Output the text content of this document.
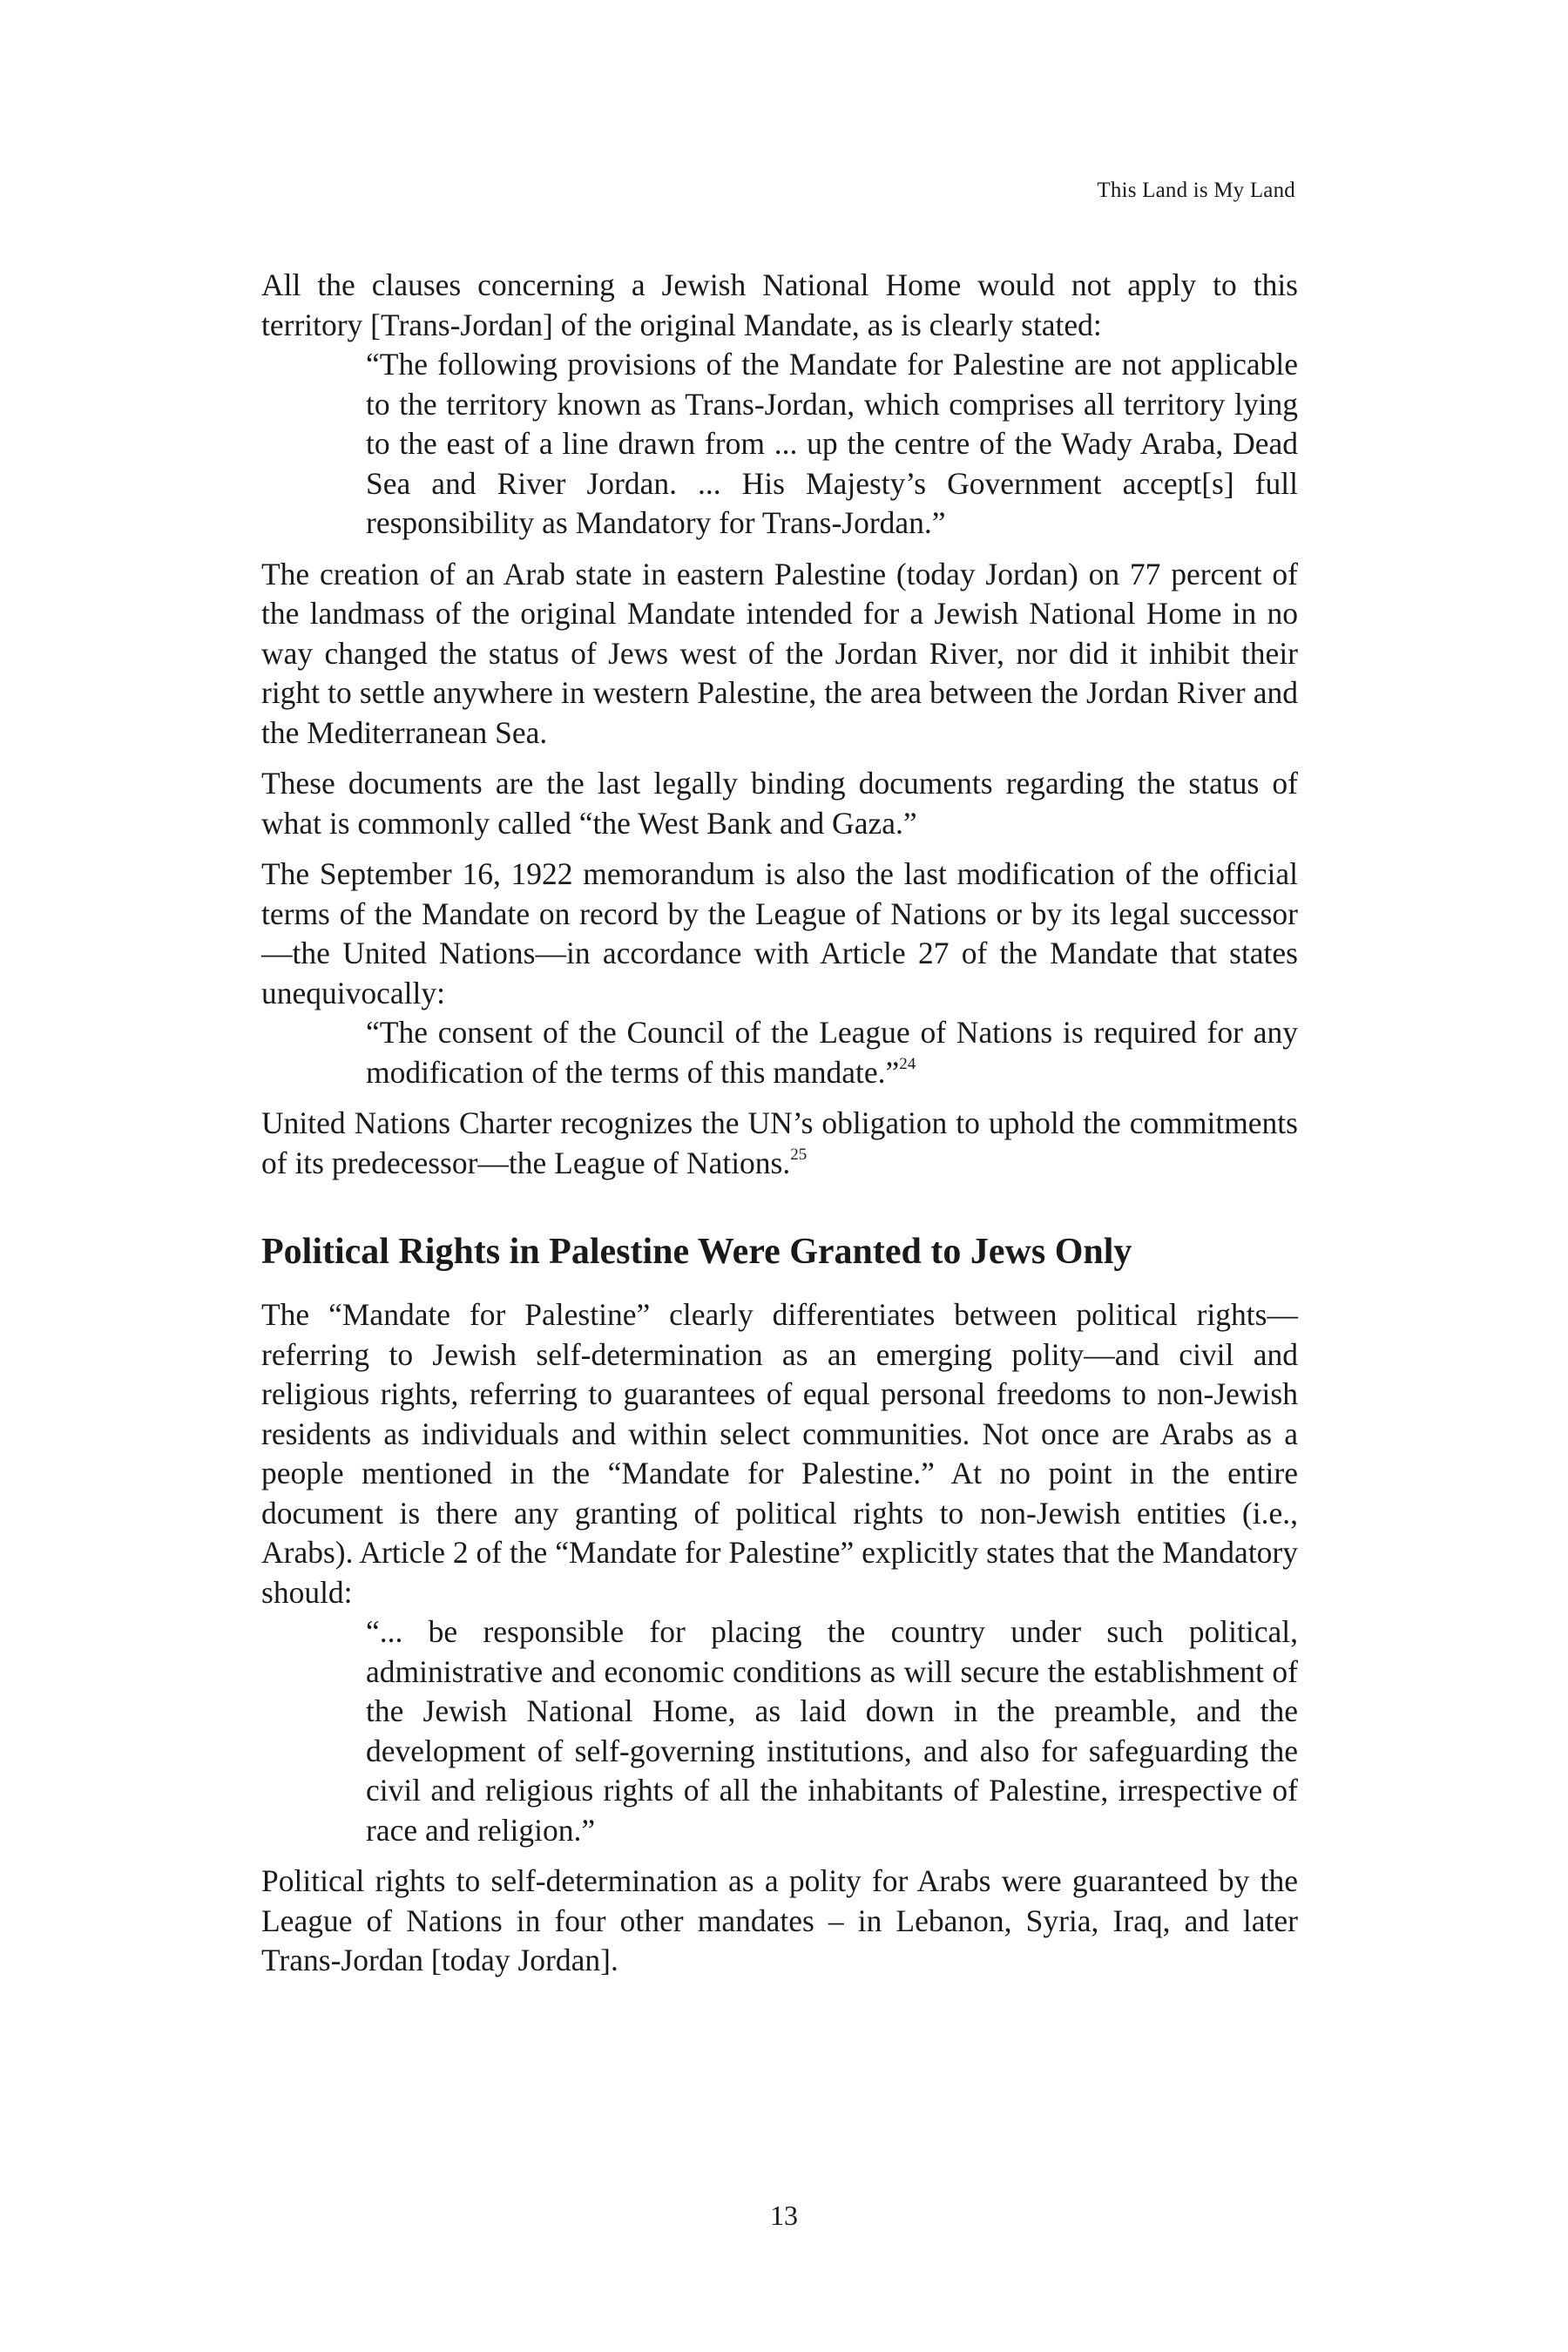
This Land is My Land

All the clauses concerning a Jewish National Home would not apply to this territory [Trans-Jordan] of the original Mandate, as is clearly stated:

“The following provisions of the Mandate for Palestine are not applicable to the territory known as Trans-Jordan, which comprises all territory lying to the east of a line drawn from ... up the centre of the Wady Araba, Dead Sea and River Jordan. ... His Majesty’s Government accept[s] full responsibility as Mandatory for Trans-Jordan.”

The creation of an Arab state in eastern Palestine (today Jordan) on 77 percent of the landmass of the original Mandate intended for a Jewish National Home in no way changed the status of Jews west of the Jordan River, nor did it inhibit their right to settle anywhere in western Palestine, the area between the Jordan River and the Mediterranean Sea.

These documents are the last legally binding documents regarding the status of what is commonly called “the West Bank and Gaza.”

The September 16, 1922 memorandum is also the last modification of the official terms of the Mandate on record by the League of Nations or by its legal successor—the United Nations—in accordance with Article 27 of the Mandate that states unequivocally:

“The consent of the Council of the League of Nations is required for any modification of the terms of this mandate.”$^{24}$

United Nations Charter recognizes the UN’s obligation to uphold the commitments of its predecessor—the League of Nations.$^{25}$

Political Rights in Palestine Were Granted to Jews Only

The “Mandate for Palestine” clearly differentiates between political rights—referring to Jewish self-determination as an emerging polity—and civil and religious rights, referring to guarantees of equal personal freedoms to non-Jewish residents as individuals and within select communities. Not once are Arabs as a people mentioned in the “Mandate for Palestine.” At no point in the entire document is there any granting of political rights to non-Jewish entities (i.e., Arabs). Article 2 of the “Mandate for Palestine” explicitly states that the Mandatory should:

“... be responsible for placing the country under such political, administrative and economic conditions as will secure the establishment of the Jewish National Home, as laid down in the preamble, and the development of self-governing institutions, and also for safeguarding the civil and religious rights of all the inhabitants of Palestine, irrespective of race and religion.”

Political rights to self-determination as a polity for Arabs were guaranteed by the League of Nations in four other mandates – in Lebanon, Syria, Iraq, and later Trans-Jordan [today Jordan].

13
